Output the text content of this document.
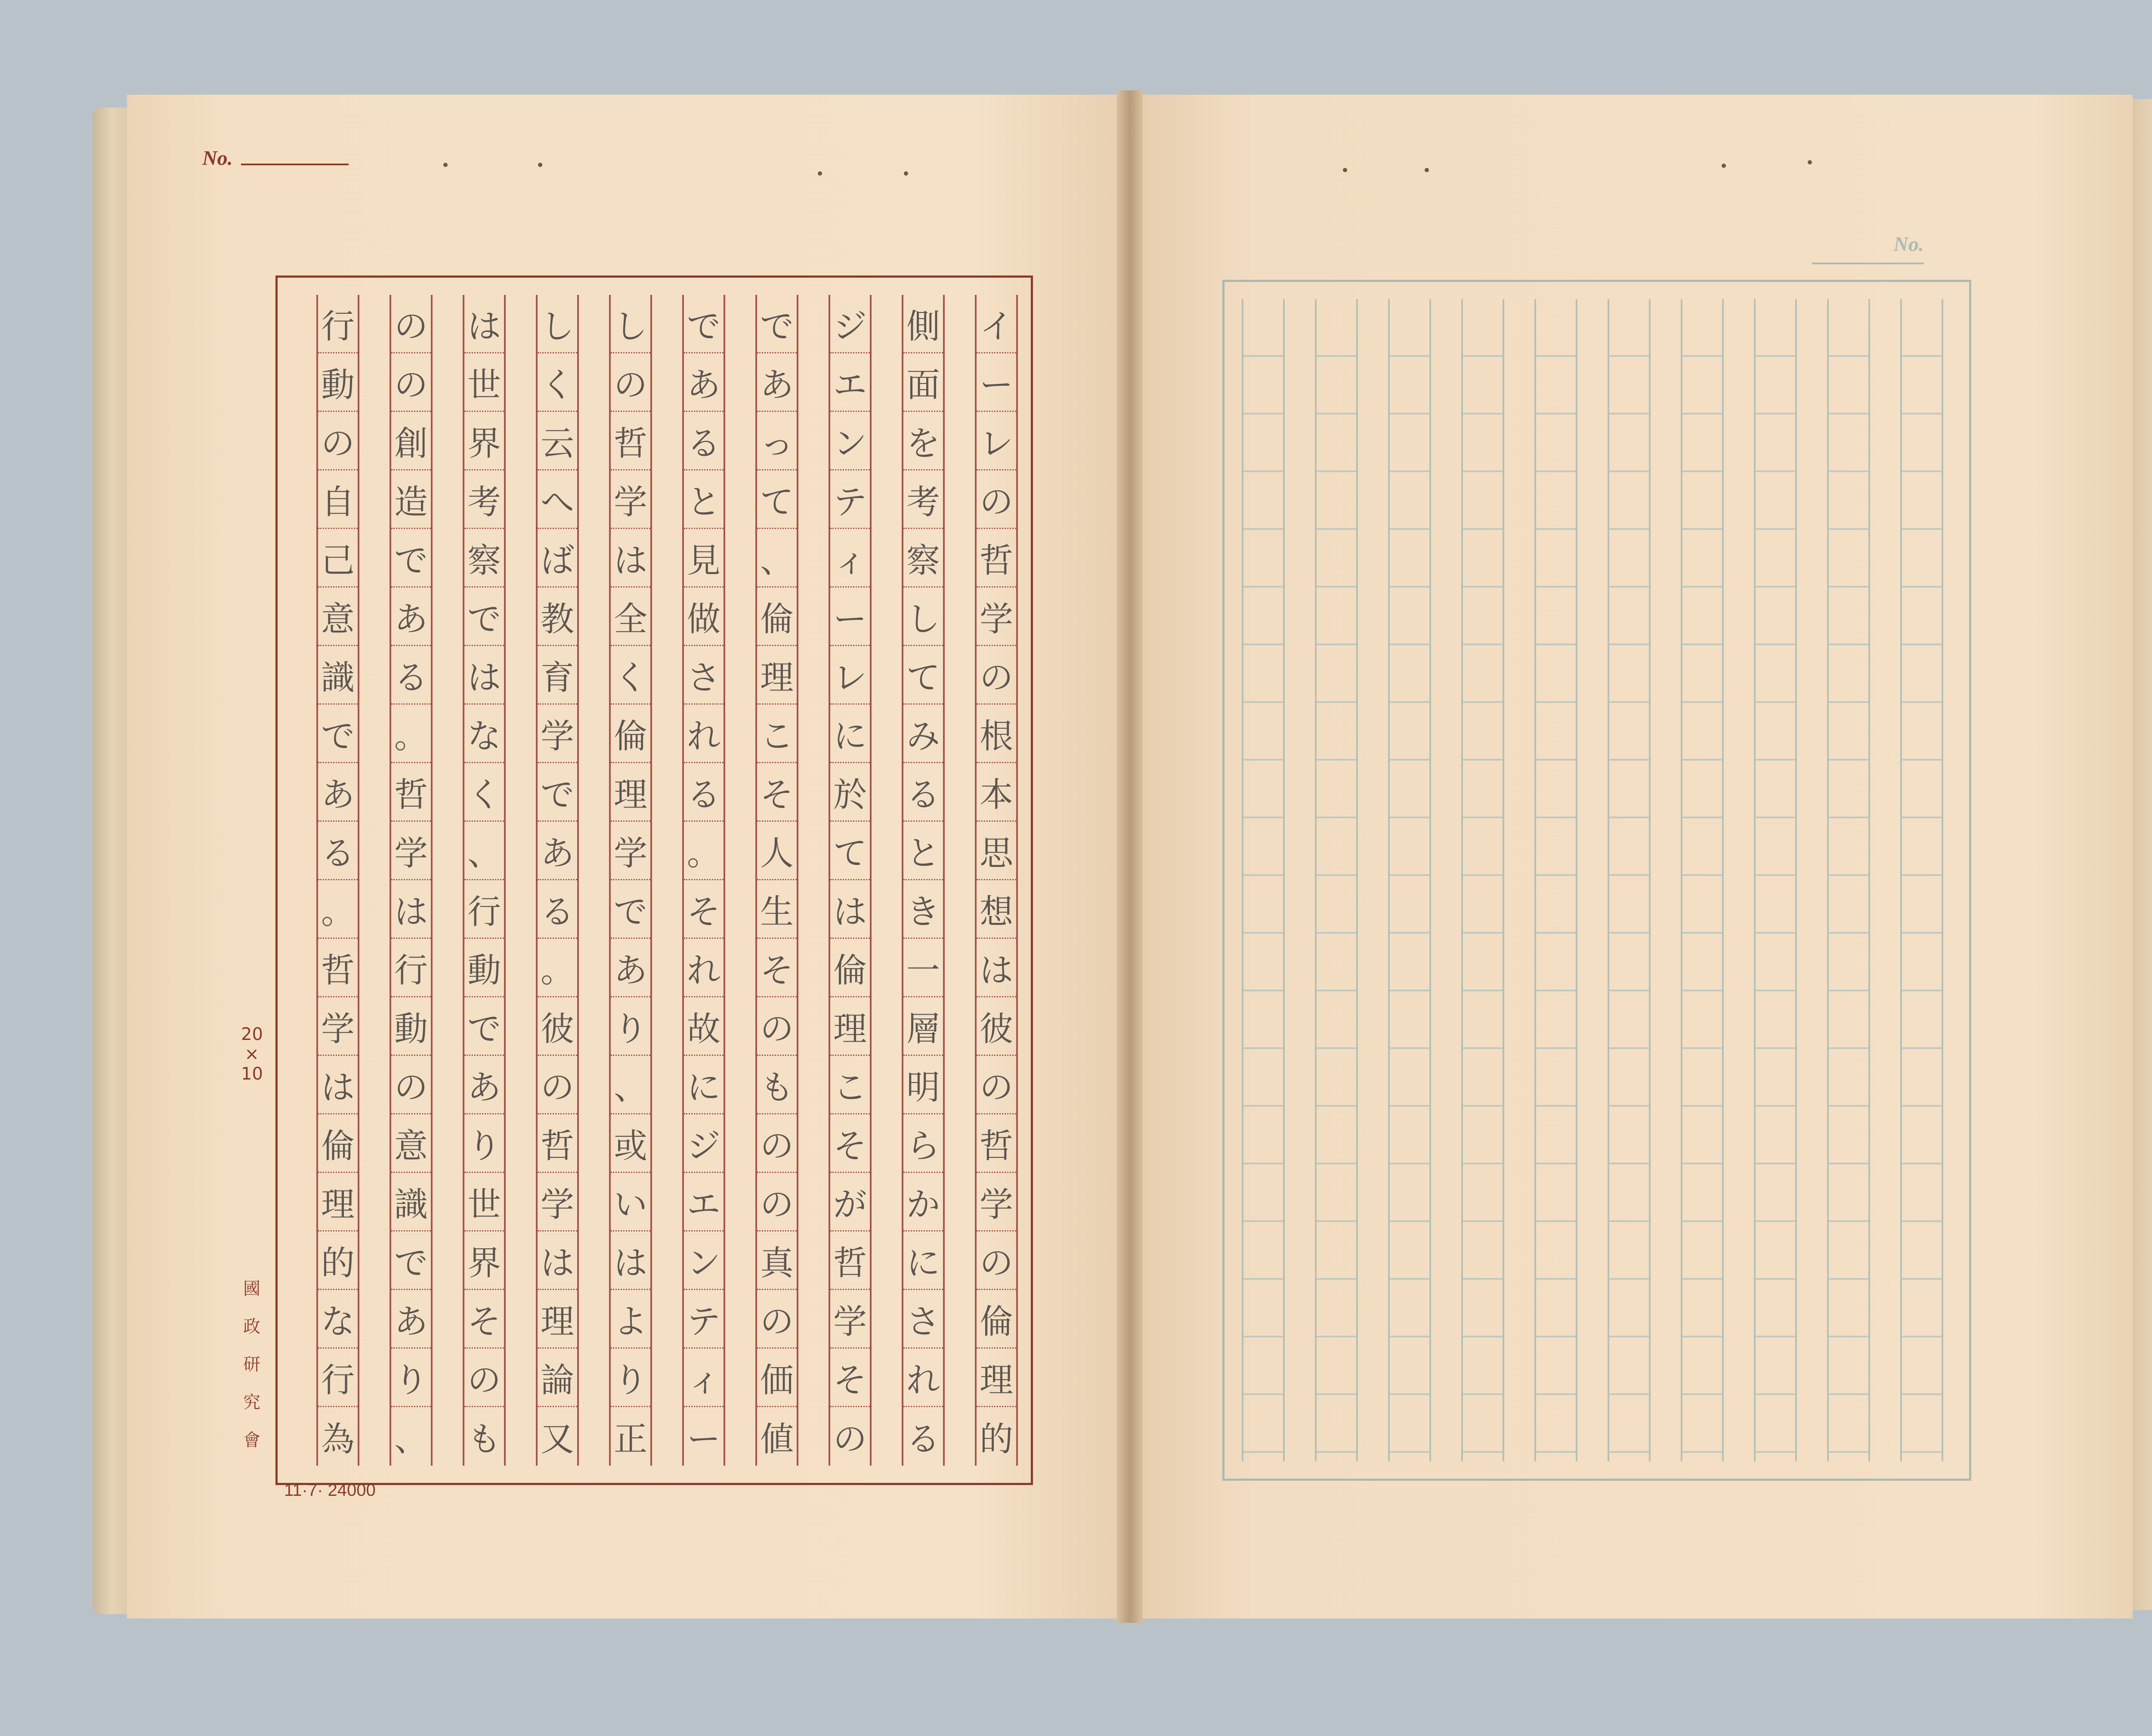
No.
イ
ー
レ
の
哲
学
の
根
本
思
想
は
彼
の
哲
学
の
倫
理
的
側
面
を
考
察
し
て
み
る
と
き
一
層
明
ら
か
に
さ
れ
る
ジ
エ
ン
テ
ィ
ー
レ
に
於
て
は
倫
理
こ
そ
が
哲
学
そ
の
で
あ
っ
て
、
倫
理
こ
そ
人
生
そ
の
も
の
の
真
の
価
値
で
あ
る
と
見
做
さ
れ
る
。
そ
れ
故
に
ジ
エ
ン
テ
ィ
ー
し
の
哲
学
は
全
く
倫
理
学
で
あ
り
、
或
い
は
よ
り
正
し
く
云
へ
ば
教
育
学
で
あ
る
。
彼
の
哲
学
は
理
論
又
は
世
界
考
察
で
は
な
く
、
行
動
で
あ
り
世
界
そ
の
も
の
の
創
造
で
あ
る
。
哲
学
は
行
動
の
意
識
で
あ
り
、
行
動
の
自
己
意
識
で
あ
る
。
哲
学
は
倫
理
的
な
行
為
20
×
10
國
政
研
究
會
11·7· 24000
No.
